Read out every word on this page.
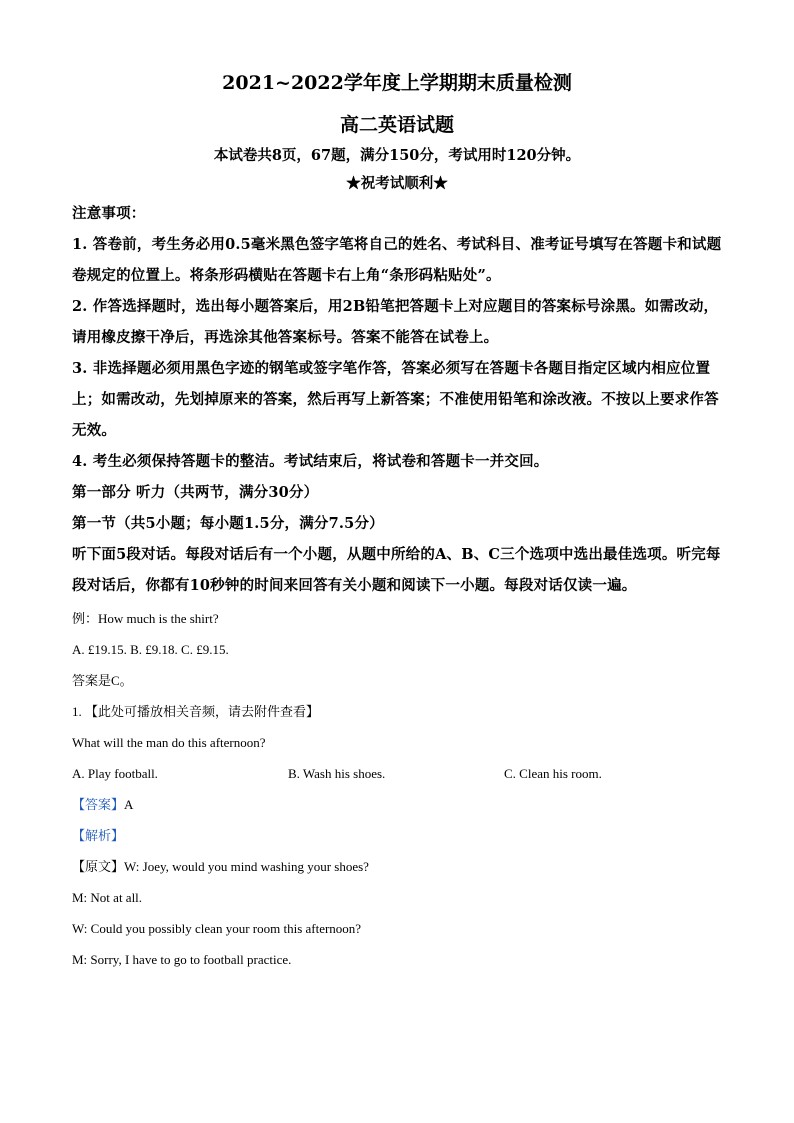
2021~2022学年度上学期期末质量检测
高二英语试题
本试卷共8页，67题，满分150分，考试用时120分钟。
★祝考试顺利★
注意事项：
1. 答卷前，考生务必用0.5毫米黑色签字笔将自己的姓名、考试科目、准考证号填写在答题卡和试题卷规定的位置上。将条形码横贴在答题卡右上角“条形码粘贴处”。
2. 作答选择题时，选出每小题答案后，用2B铅笔把答题卡上对应题目的答案标号涂黑。如需改动，请用橡皮擦干净后，再选涂其他答案标号。答案不能答在试卷上。
3. 非选择题必须用黑色字迹的钢笔或签字笔作答，答案必须写在答题卡各题目指定区域内相应位置上；如需改动，先划掉原来的答案，然后再写上新答案；不准使用铅笔和涂改液。不按以上要求作答无效。
4. 考生必须保持答题卡的整洁。考试结束后，将试卷和答题卡一并交回。
第一部分 听力（共两节，满分30分）
第一节（共5小题；每小题1.5分，满分7.5分）
听下面5段对话。每段对话后有一个小题，从题中所给的A、B、C三个选项中选出最佳选项。听完每段对话后，你都有10秒钟的时间来回答有关小题和阅读下一小题。每段对话仅读一遍。
例：How much is the shirt?
A. £19.15. B. £9.18. C. £9.15.
答案是C。
1. 【此处可播放相关音频，请去附件查看】
What will the man do this afternoon?
A. Play football.	B. Wash his shoes.	C. Clean his room.
【答案】A
【解析】
【原文】W: Joey, would you mind washing your shoes?
M: Not at all.
W: Could you possibly clean your room this afternoon?
M: Sorry, I have to go to football practice.
